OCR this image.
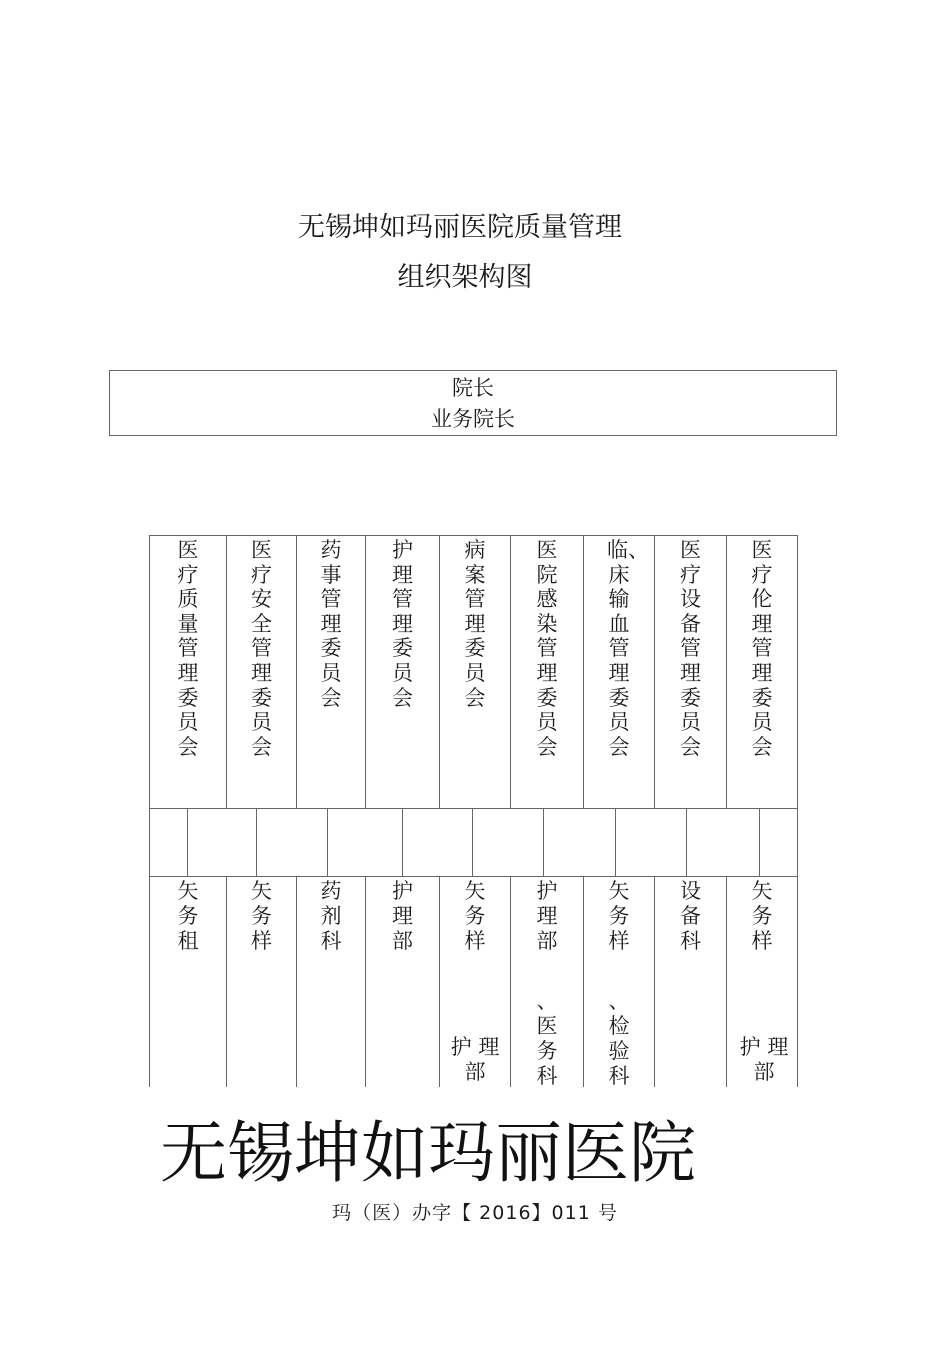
无锡坤如玛丽医院质量管理
组织架构图
院长
业务院长
医疗质量管理委员会
医疗安全管理委员会
药事管理委员会
护理管理委员会
病案管理委员会
医院感染管理委员会
临、床输血管理委员会
医疗设备管理委员会
医疗伦理管理委员会
矢务租
矢务样
药剂科
护理部
矢务样
护 理部
护理部
、医务科
矢务样
、检验科
设备科
矢务样
护 理部
无锡坤如玛丽医院
玛（医）办字【 2016】011 号
